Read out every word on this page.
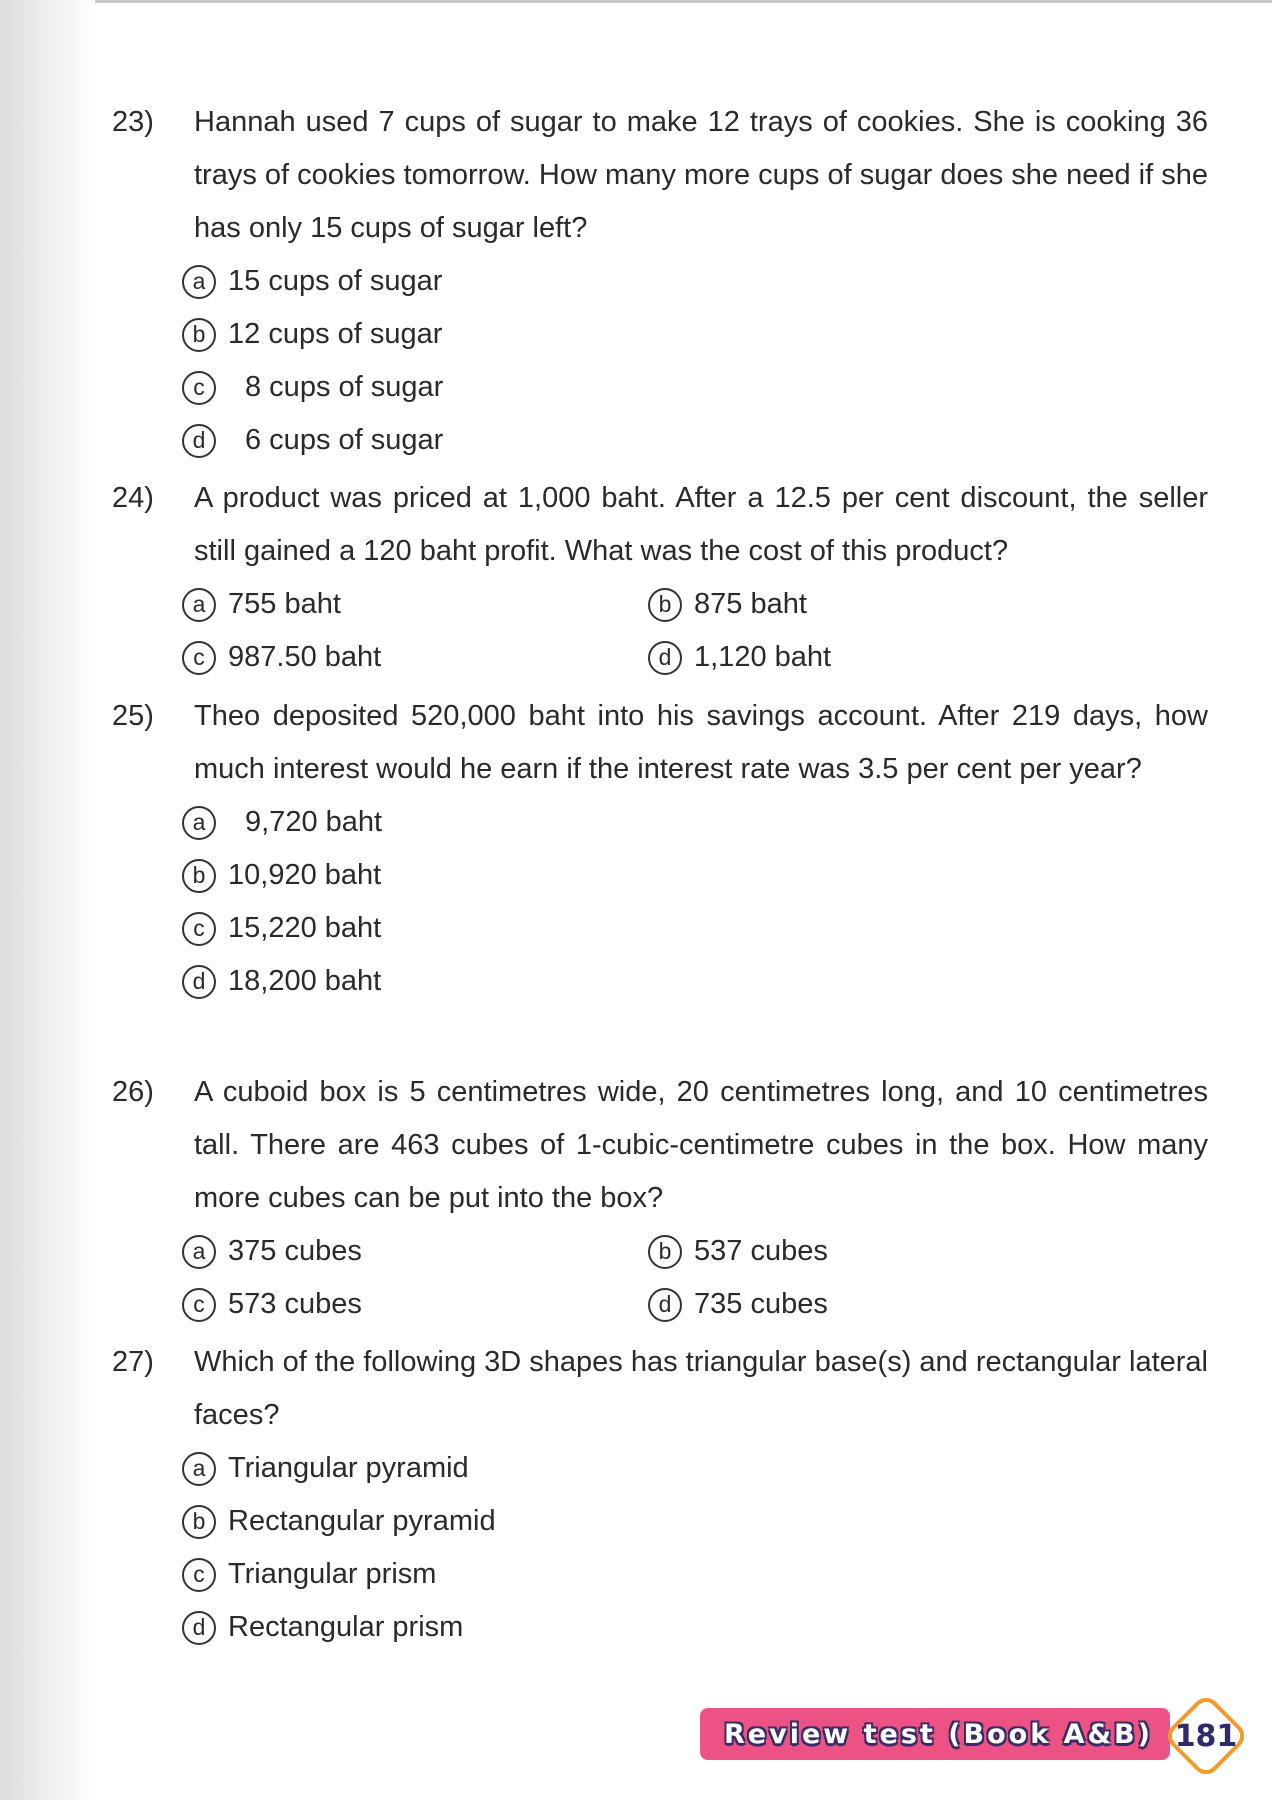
23) Hannah used 7 cups of sugar to make 12 trays of cookies. She is cooking 36 trays of cookies tomorrow. How many more cups of sugar does she need if she has only 15 cups of sugar left?
a 15 cups of sugar
b 12 cups of sugar
c	8 cups of sugar
d	6 cups of sugar
24) A product was priced at 1,000 baht. After a 12.5 per cent discount, the seller still gained a 120 baht profit. What was the cost of this product?
a 755 baht	b 875 baht
c 987.50 baht	d 1,120 baht
25) Theo deposited 520,000 baht into his savings account. After 219 days, how much interest would he earn if the interest rate was 3.5 per cent per year?
a	9,720 baht
b 10,920 baht
c 15,220 baht
d 18,200 baht
26) A cuboid box is 5 centimetres wide, 20 centimetres long, and 10 centimetres tall. There are 463 cubes of 1-cubic-centimetre cubes in the box. How many more cubes can be put into the box?
a 375 cubes	b 537 cubes
c 573 cubes	d 735 cubes
27) Which of the following 3D shapes has triangular base(s) and rectangular lateral faces?
a Triangular pyramid
b Rectangular pyramid
c Triangular prism
d Rectangular prism
Review test (Book A&B) 181
